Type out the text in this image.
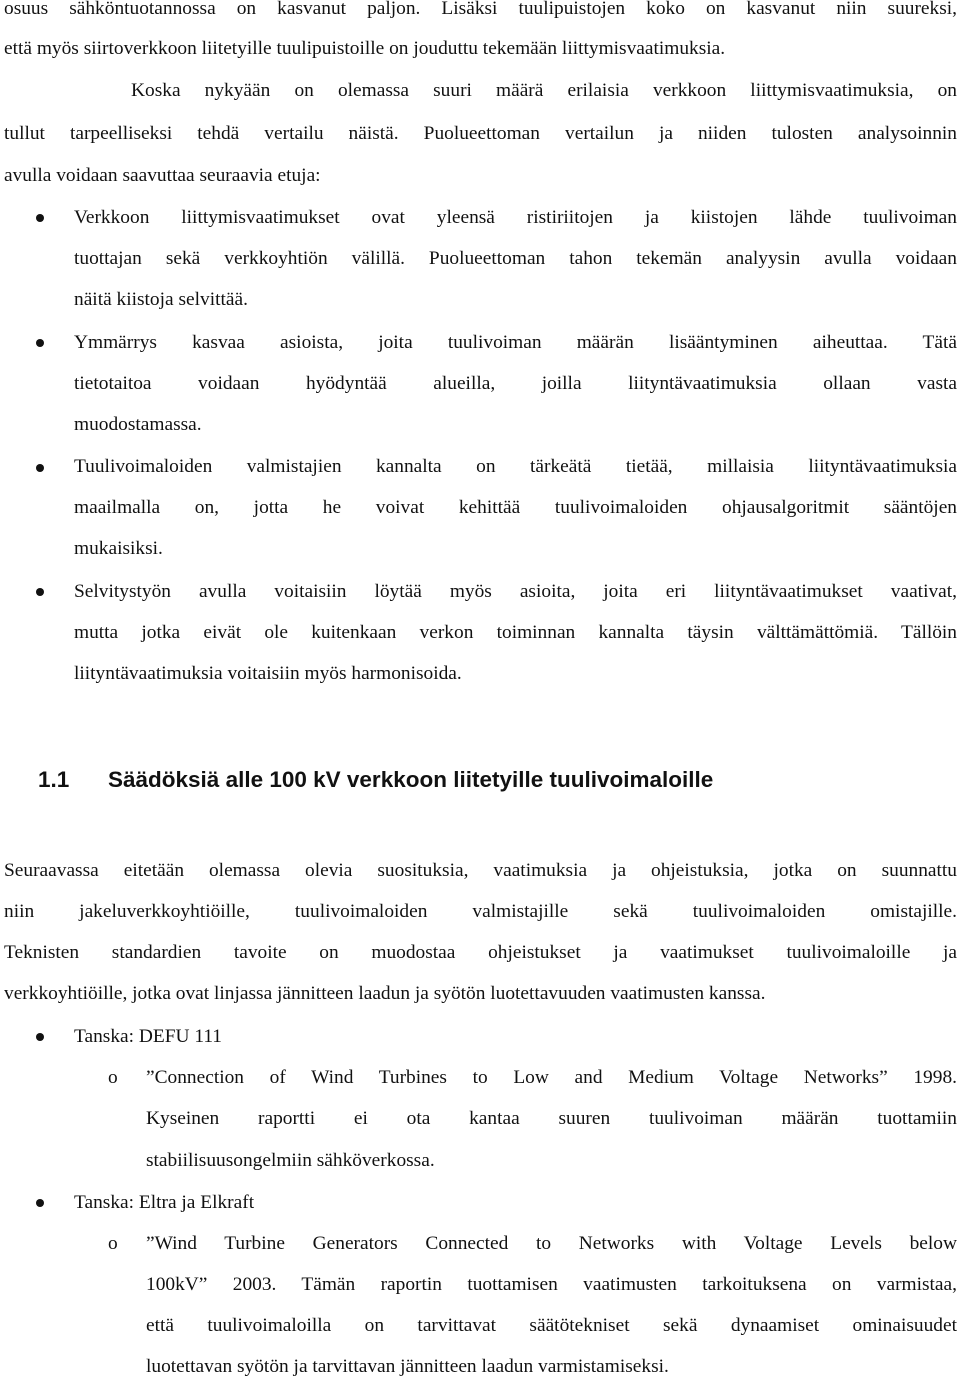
osuus sähköntuotannossa on kasvanut paljon. Lisäksi tuulipuistojen koko on kasvanut niin suureksi,
että myös siirtoverkkoon liitetyille tuulipuistoille on jouduttu tekemään liittymisvaatimuksia.
Koska nykyään on olemassa suuri määrä erilaisia verkkoon liittymisvaatimuksia, on
tullut tarpeelliseksi tehdä vertailu näistä. Puolueettoman vertailun ja niiden tulosten analysoinnin
avulla voidaan saavuttaa seuraavia etuja:
Verkkoon liittymisvaatimukset ovat yleensä ristiriitojen ja kiistojen lähde tuulivoiman
tuottajan sekä verkkoyhtiön välillä. Puolueettoman tahon tekemän analyysin avulla voidaan
näitä kiistoja selvittää.
Ymmärrys kasvaa asioista, joita tuulivoiman määrän lisääntyminen aiheuttaa. Tätä
tietotaitoa voidaan hyödyntää alueilla, joilla liityntävaatimuksia ollaan vasta
muodostamassa.
Tuulivoimaloiden valmistajien kannalta on tärkeätä tietää, millaisia liityntävaatimuksia
maailmalla on, jotta he voivat kehittää tuulivoimaloiden ohjausalgoritmit sääntöjen
mukaisiksi.
Selvitystyön avulla voitaisiin löytää myös asioita, joita eri liityntävaatimukset vaativat,
mutta jotka eivät ole kuitenkaan verkon toiminnan kannalta täysin välttämättömiä. Tällöin
liityntävaatimuksia voitaisiin myös harmonisoida.
1.1 Säädöksiä alle 100 kV verkkoon liitetyille tuulivoimaloille
Seuraavassa eitetään olemassa olevia suosituksia, vaatimuksia ja ohjeistuksia, jotka on suunnattu
niin jakeluverkkoyhtiöille, tuulivoimaloiden valmistajille sekä tuulivoimaloiden omistajille.
Teknisten standardien tavoite on muodostaa ohjeistukset ja vaatimukset tuulivoimaloille ja
verkkoyhtiöille, jotka ovat linjassa jännitteen laadun ja syötön luotettavuuden vaatimusten kanssa.
Tanska: DEFU 111
o ”Connection of Wind Turbines to Low and Medium Voltage Networks” 1998.
Kyseinen raportti ei ota kantaa suuren tuulivoiman määrän tuottamiin
stabiilisuusongelmiin sähköverkossa.
Tanska: Eltra ja Elkraft
o ”Wind Turbine Generators Connected to Networks with Voltage Levels below
100kV” 2003. Tämän raportin tuottamisen vaatimusten tarkoituksena on varmistaa,
että tuulivoimaloilla on tarvittavat säätötekniset sekä dynaamiset ominaisuudet
luotettavan syötön ja tarvittavan jännitteen laadun varmistamiseksi.
